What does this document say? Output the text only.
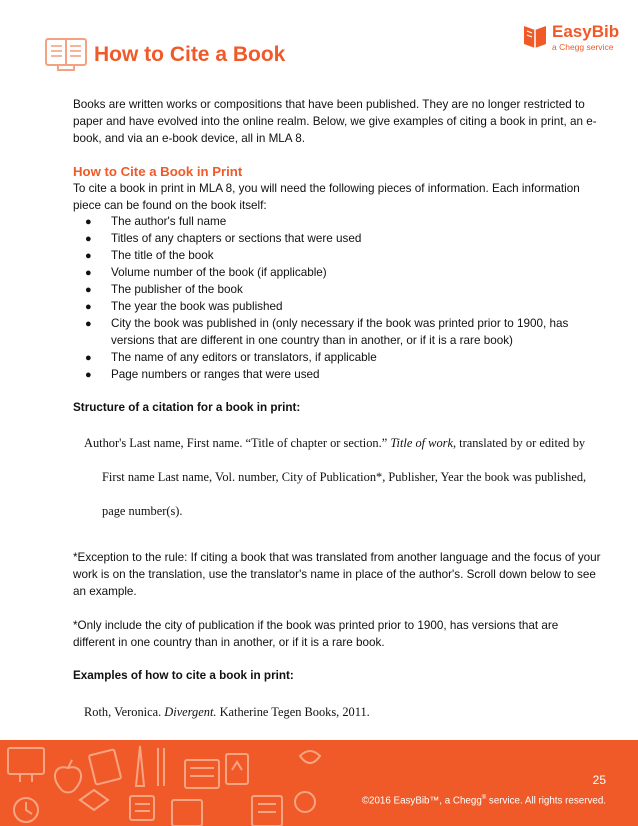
How to Cite a Book
EasyBib
a Chegg service

Books are written works or compositions that have been published. They are no longer restricted to paper and have evolved into the online realm. Below, we give examples of citing a book in print, an e-book, and via an e-book device, all in MLA 8.

How to Cite a Book in Print

To cite a book in print in MLA 8, you will need the following pieces of information. Each information piece can be found on the book itself:

● The author's full name
● Titles of any chapters or sections that were used
● The title of the book
● Volume number of the book (if applicable)
● The publisher of the book
● The year the book was published
● City the book was published in (only necessary if the book was printed prior to 1900, has versions that are different in one country than in another, or if it is a rare book)
● The name of any editors or translators, if applicable
● Page numbers or ranges that were used

Structure of a citation for a book in print:

Author's Last name, First name. “Title of chapter or section.” Title of work, translated by or edited by

First name Last name, Vol. number, City of Publication*, Publisher, Year the book was published,

page number(s).

*Exception to the rule: If citing a book that was translated from another language and the focus of your work is on the translation, use the translator's name in place of the author's. Scroll down below to see an example.

*Only include the city of publication if the book was printed prior to 1900, has versions that are different in one country than in another, or if it is a rare book.

Examples of how to cite a book in print:

Roth, Veronica. Divergent. Katherine Tegen Books, 2011.

25
©2016 EasyBib™, a Chegg® service. All rights reserved.
